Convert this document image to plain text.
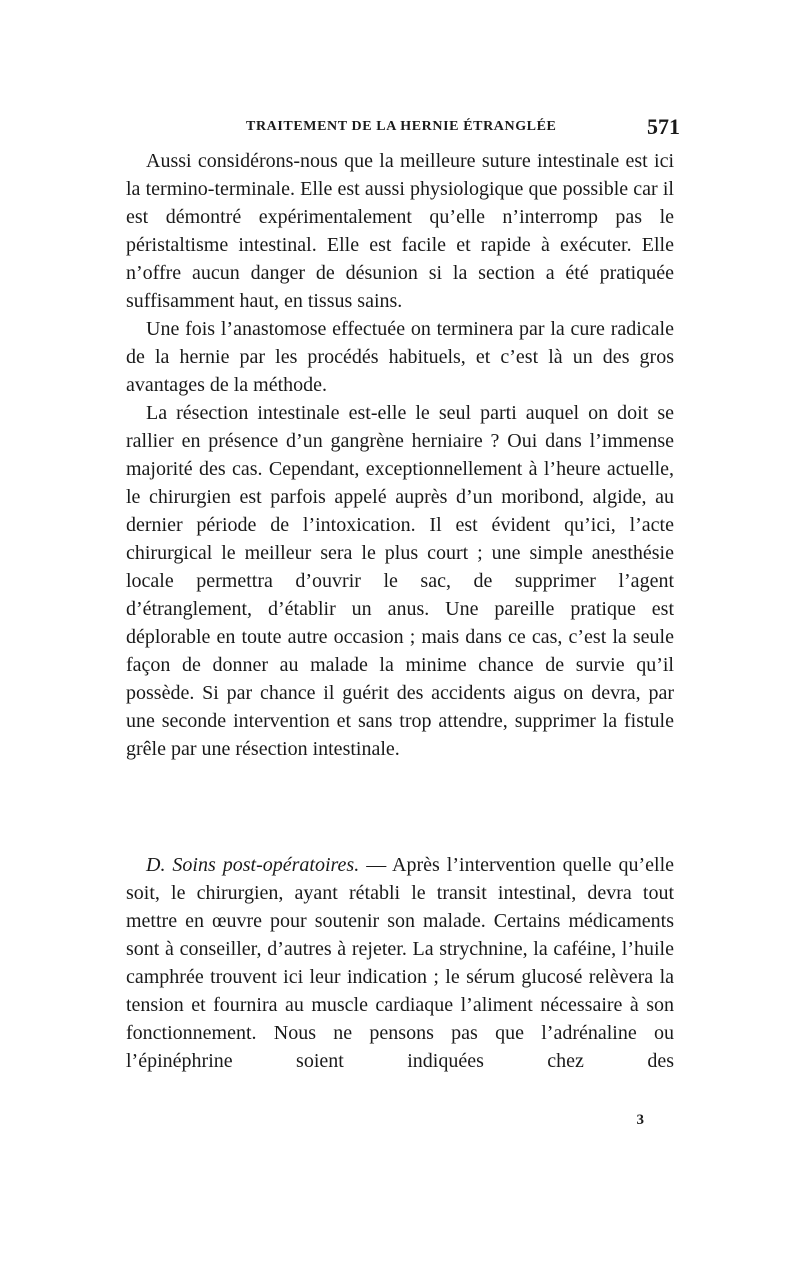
TRAITEMENT DE LA HERNIE ÉTRANGLÉE	571

Aussi considérons-nous que la meilleure suture intestinale est ici la termino-terminale. Elle est aussi physiologique que possible car il est démontré expérimentalement qu’elle n’interromp pas le péristaltisme intestinal. Elle est facile et rapide à exécuter. Elle n’offre aucun danger de désunion si la section a été pratiquée suffisamment haut, en tissus sains.

Une fois l’anastomose effectuée on terminera par la cure radicale de la hernie par les procédés habituels, et c’est là un des gros avantages de la méthode.

La résection intestinale est-elle le seul parti auquel on doit se rallier en présence d’un gangrène herniaire ? Oui dans l’immense majorité des cas. Cependant, exceptionnellement à l’heure actuelle, le chirurgien est parfois appelé auprès d’un moribond, algide, au dernier période de l’intoxication. Il est évident qu’ici, l’acte chirurgical le meilleur sera le plus court ; une simple anesthésie locale permettra d’ouvrir le sac, de supprimer l’agent d’étranglement, d’établir un anus. Une pareille pratique est déplorable en toute autre occasion ; mais dans ce cas, c’est la seule façon de donner au malade la minime chance de survie qu’il possède. Si par chance il guérit des accidents aigus on devra, par une seconde intervention et sans trop attendre, supprimer la fistule grêle par une résection intestinale.

D. Soins post-opératoires. — Après l’intervention quelle qu’elle soit, le chirurgien, ayant rétabli le transit intestinal, devra tout mettre en œuvre pour soutenir son malade. Certains médicaments sont à conseiller, d’autres à rejeter. La strychnine, la caféine, l’huile camphrée trouvent ici leur indication ; le sérum glucosé relèvera la tension et fournira au muscle cardiaque l’aliment nécessaire à son fonctionnement. Nous ne pensons pas que l’adrénaline ou l’épinéphrine soient indiquées chez des

3
